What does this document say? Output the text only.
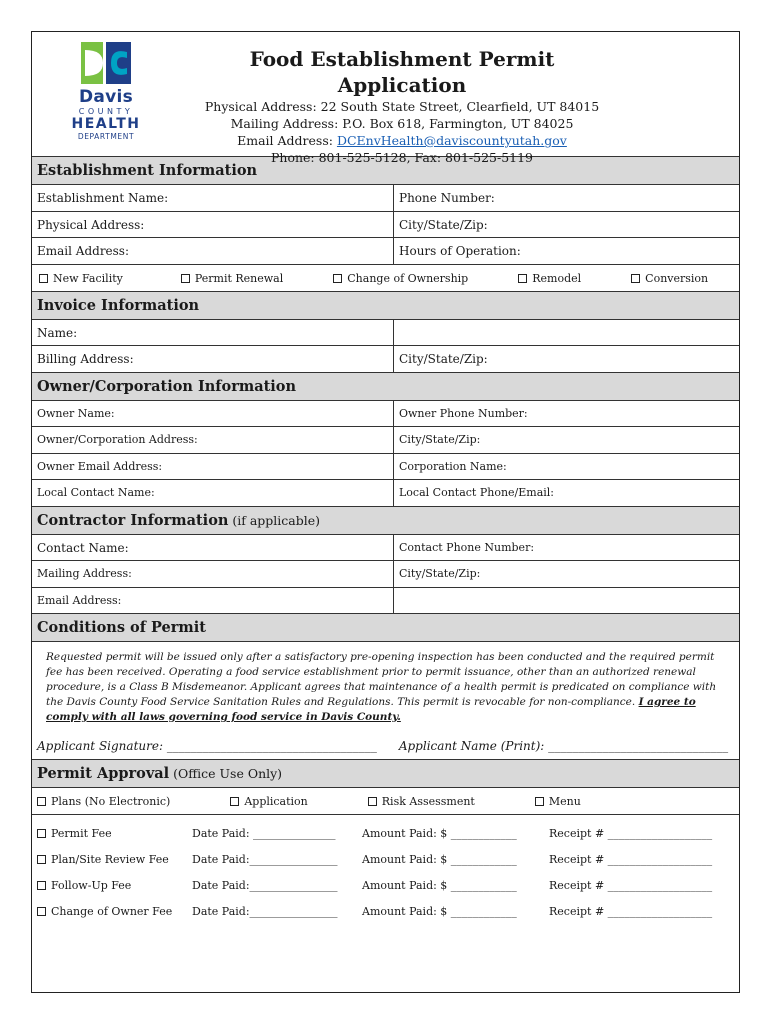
Davis
COUNTY
HEALTH
DEPARTMENT
Food Establishment Permit Application

Physical Address: 22 South State Street, Clearfield, UT 84015

Mailing Address: P.O. Box 618, Farmington, UT 84025

Email Address: DCEnvHealth@daviscountyutah.gov

Phone: 801-525-5128, Fax: 801-525-5119

Establishment Information
Establishment Name:	Phone Number:
Physical Address:	City/State/Zip:
Email Address:	Hours of Operation:
New Facility	Permit Renewal	Change of Ownership	Remodel	Conversion
Invoice Information
Name:
Billing Address:	City/State/Zip:
Owner/Corporation Information
Owner Name:	Owner Phone Number:
Owner/Corporation Address:	City/State/Zip:
Owner Email Address:	Corporation Name:
Local Contact Name:	Local Contact Phone/Email:
Contractor Information (if applicable)
Contact Name:	Contact Phone Number:
Mailing Address:	City/State/Zip:
Email Address:
Conditions of Permit

Requested permit will be issued only after a satisfactory pre-opening inspection has been conducted and the required permit fee has been received. Operating a food service establishment prior to permit issuance, other than an authorized renewal procedure, is a Class B Misdemeanor. Applicant agrees that maintenance of a health permit is predicated on compliance with the Davis County Food Service Sanitation Rules and Regulations. This permit is revocable for non-compliance. I agree to comply with all laws governing food service in Davis County.

Applicant Signature: ___________________________________ Applicant Name (Print): ______________________________
Permit Approval (Office Use Only)
Plans (No Electronic)	Application	Risk Assessment	Menu
Permit Fee	Date Paid: _______________	Amount Paid: $ ____________	Receipt # ___________________
Plan/Site Review Fee	Date Paid:________________	Amount Paid: $ ____________	Receipt # ___________________
Follow-Up Fee	Date Paid:________________	Amount Paid: $ ____________	Receipt # ___________________
Change of Owner Fee	Date Paid:________________	Amount Paid: $ ____________	Receipt # ___________________
